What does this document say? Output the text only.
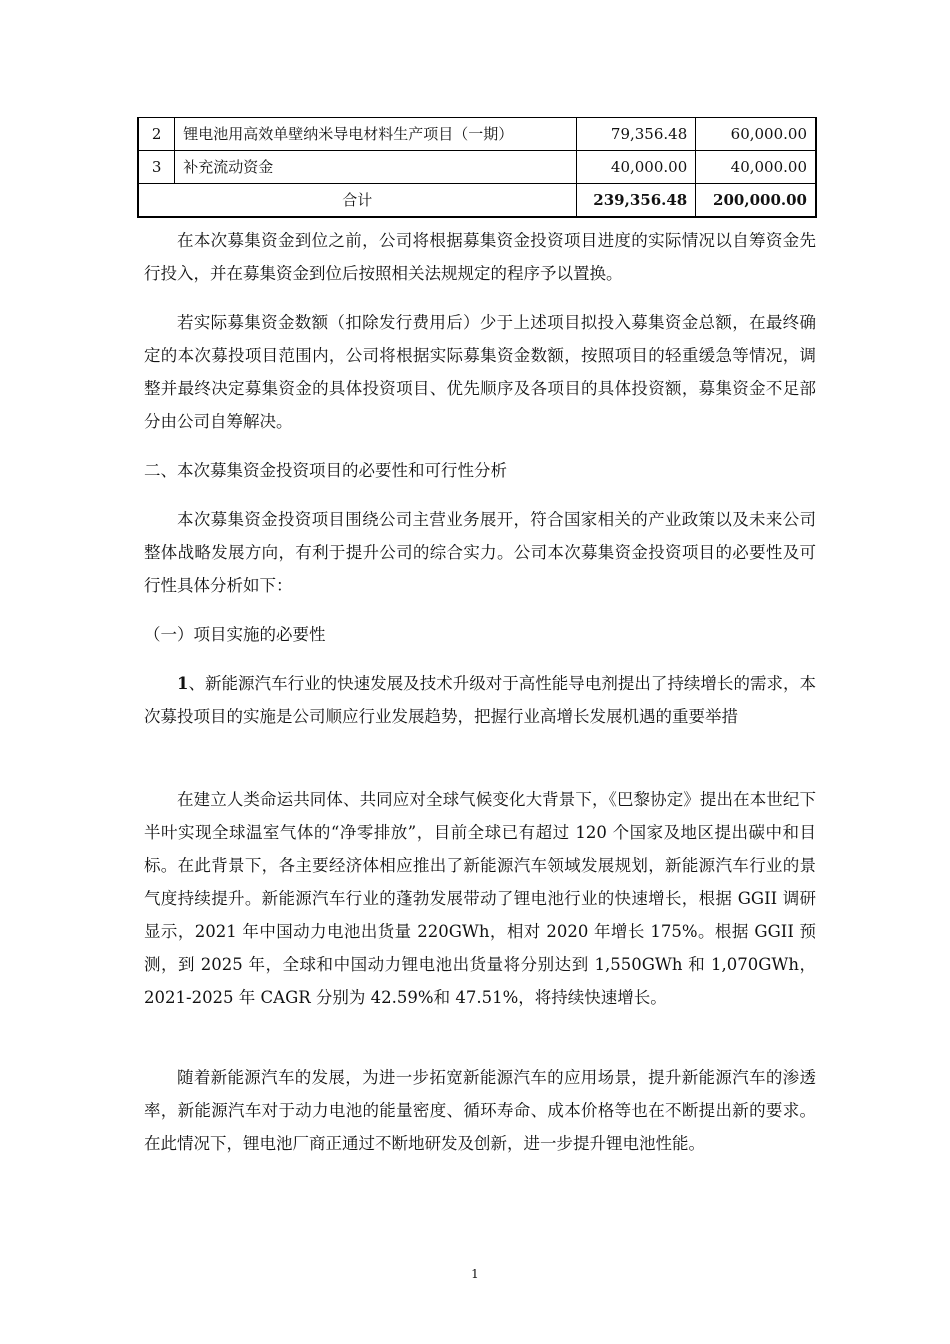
2	锂电池用高效单壁纳米导电材料生产项目（一期）	79,356.48	60,000.00
3	补充流动资金	40,000.00	40,000.00
合计		239,356.48	200,000.00

在本次募集资金到位之前，公司将根据募集资金投资项目进度的实际情况以自筹资金先行投入，并在募集资金到位后按照相关法规规定的程序予以置换。

若实际募集资金数额（扣除发行费用后）少于上述项目拟投入募集资金总额，在最终确定的本次募投项目范围内，公司将根据实际募集资金数额，按照项目的轻重缓急等情况，调整并最终决定募集资金的具体投资项目、优先顺序及各项目的具体投资额，募集资金不足部分由公司自筹解决。

二、本次募集资金投资项目的必要性和可行性分析

本次募集资金投资项目围绕公司主营业务展开，符合国家相关的产业政策以及未来公司整体战略发展方向，有利于提升公司的综合实力。公司本次募集资金投资项目的必要性及可行性具体分析如下：

（一）项目实施的必要性

1、新能源汽车行业的快速发展及技术升级对于高性能导电剂提出了持续增长的需求，本次募投项目的实施是公司顺应行业发展趋势，把握行业高增长发展机遇的重要举措

在建立人类命运共同体、共同应对全球气候变化大背景下，《巴黎协定》提出在本世纪下半叶实现全球温室气体的“净零排放”，目前全球已有超过 120 个国家及地区提出碳中和目标。在此背景下，各主要经济体相应推出了新能源汽车领域发展规划，新能源汽车行业的景气度持续提升。新能源汽车行业的蓬勃发展带动了锂电池行业的快速增长，根据 GGII 调研显示，2021 年中国动力电池出货量 220GWh，相对 2020 年增长 175%。根据 GGII 预测，到 2025 年，全球和中国动力锂电池出货量将分别达到 1,550GWh 和 1,070GWh，2021-2025 年 CAGR 分别为 42.59%和 47.51%，将持续快速增长。

随着新能源汽车的发展，为进一步拓宽新能源汽车的应用场景，提升新能源汽车的渗透率，新能源汽车对于动力电池的能量密度、循环寿命、成本价格等也在不断提出新的要求。在此情况下，锂电池厂商正通过不断地研发及创新，进一步提升锂电池性能。

1
